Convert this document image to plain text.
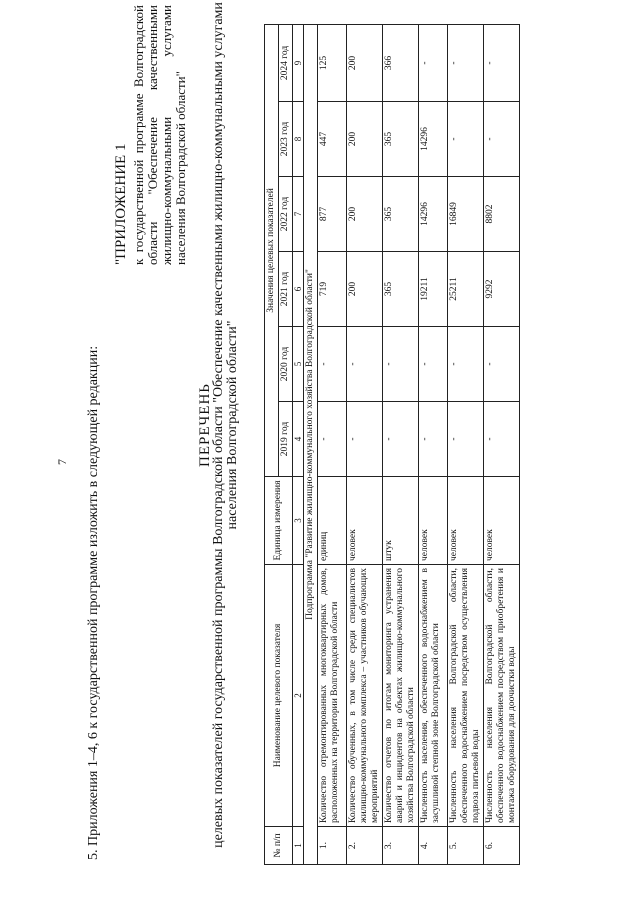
7 5. Приложения 1–4, 6 к государственной программе изложить в следующей редакции:
"ПРИЛОЖЕНИЕ 1 к государственной программе Волгоградской области "Обеспечение качественными жилищно-коммунальными услугами населения Волгоградской области"
ПЕРЕЧЕНЬ
целевых показателей государственной программы Волгоградской области "Обеспечение качественными жилищно-коммунальными услугами населения Волгоградской области"
№ п/п	Наименование целевого показателя	Единица измерения	Значения целевых показателей					
			2019 год	2020 год	2021 год	2022 год	2023 год	2024 год
1	2	3	4	5	6	7	8	9
Подпрограмма "Развитие жилищно-коммунального хозяйства Волгоградской области"								
1.	Количество отремонтированных многоквартирных домов, расположенных на территории Волгоградской области	единиц	-	-	719	877	447	125
2.	Количество обученных, в том числе среди специалистов жилищно-коммунального комплекса – участников обучающих мероприятий	человек	-	-	200	200	200	200
3.	Количество отчетов по итогам мониторинга устранения аварий и инцидентов на объектах жилищно-коммунального хозяйства Волгоградской области	штук	-	-	365	365	365	366
4.	Численность населения, обеспеченного водоснабжением в засушливой степной зоне Волгоградской области	человек	-	-	19211	14296	14296	-
5.	Численность населения Волгоградской области, обеспеченного водоснабжением посредством осуществления подвоза питьевой воды	человек	-	-	25211	16849	-	-
6.	Численность населения Волгоградской области, обеспеченного водоснабжением посредством приобретения и монтажа оборудования для доочистки воды	человек	-	-	9292	8802	-	-
